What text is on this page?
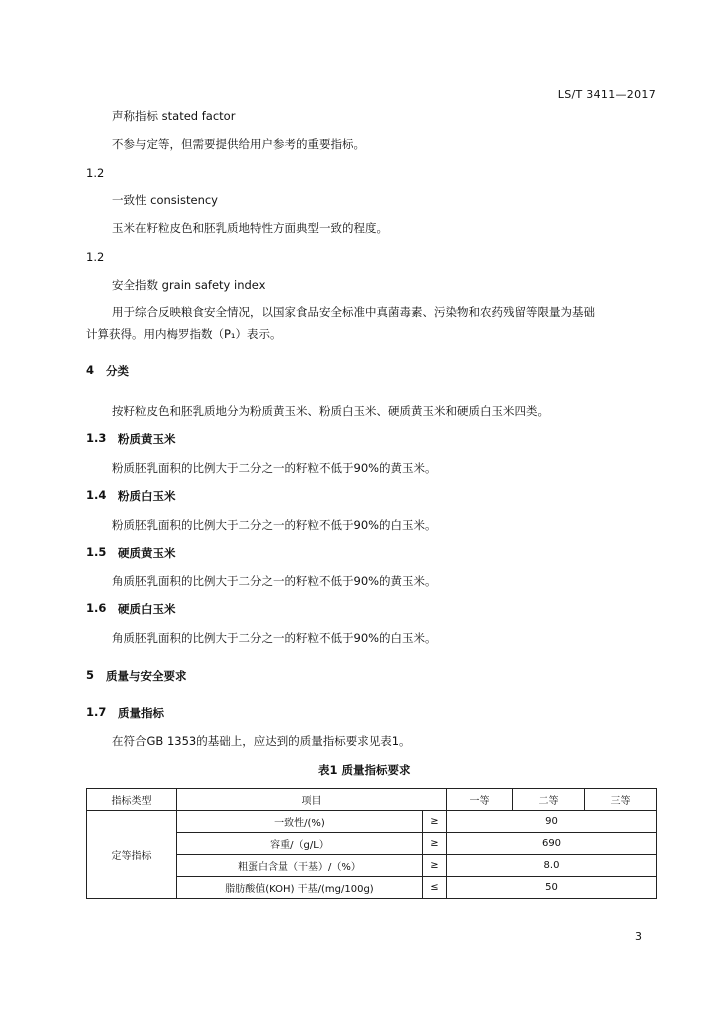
LS/T 3411—2017
声称指标 stated factor
不参与定等，但需要提供给用户参考的重要指标。
1.2
一致性 consistency
玉米在籽粒皮色和胚乳质地特性方面典型一致的程度。
1.2
安全指数 grain safety index
用于综合反映粮食安全情况，以国家食品安全标准中真菌毒素、污染物和农药残留等限量为基础
计算获得。用内梅罗指数（P₁）表示。
4 分类
按籽粒皮色和胚乳质地分为粉质黄玉米、粉质白玉米、硬质黄玉米和硬质白玉米四类。
1.3 粉质黄玉米
粉质胚乳面积的比例大于二分之一的籽粒不低于90%的黄玉米。
1.4 粉质白玉米
粉质胚乳面积的比例大于二分之一的籽粒不低于90%的白玉米。
1.5 硬质黄玉米
角质胚乳面积的比例大于二分之一的籽粒不低于90%的黄玉米。
1.6 硬质白玉米
角质胚乳面积的比例大于二分之一的籽粒不低于90%的白玉米。
5 质量与安全要求
1.7 质量指标
在符合GB 1353的基础上，应达到的质量指标要求见表1。
表1 质量指标要求
指标类型	项目		一等	二等	三等
定等指标	一致性/(%)	≥	90		
	容重/（g/L）	≥	690		
	粗蛋白含量（干基）/（%）	≥	8.0		
	脂肪酸值(KOH) 干基/(mg/100g)	≤	50		
3
